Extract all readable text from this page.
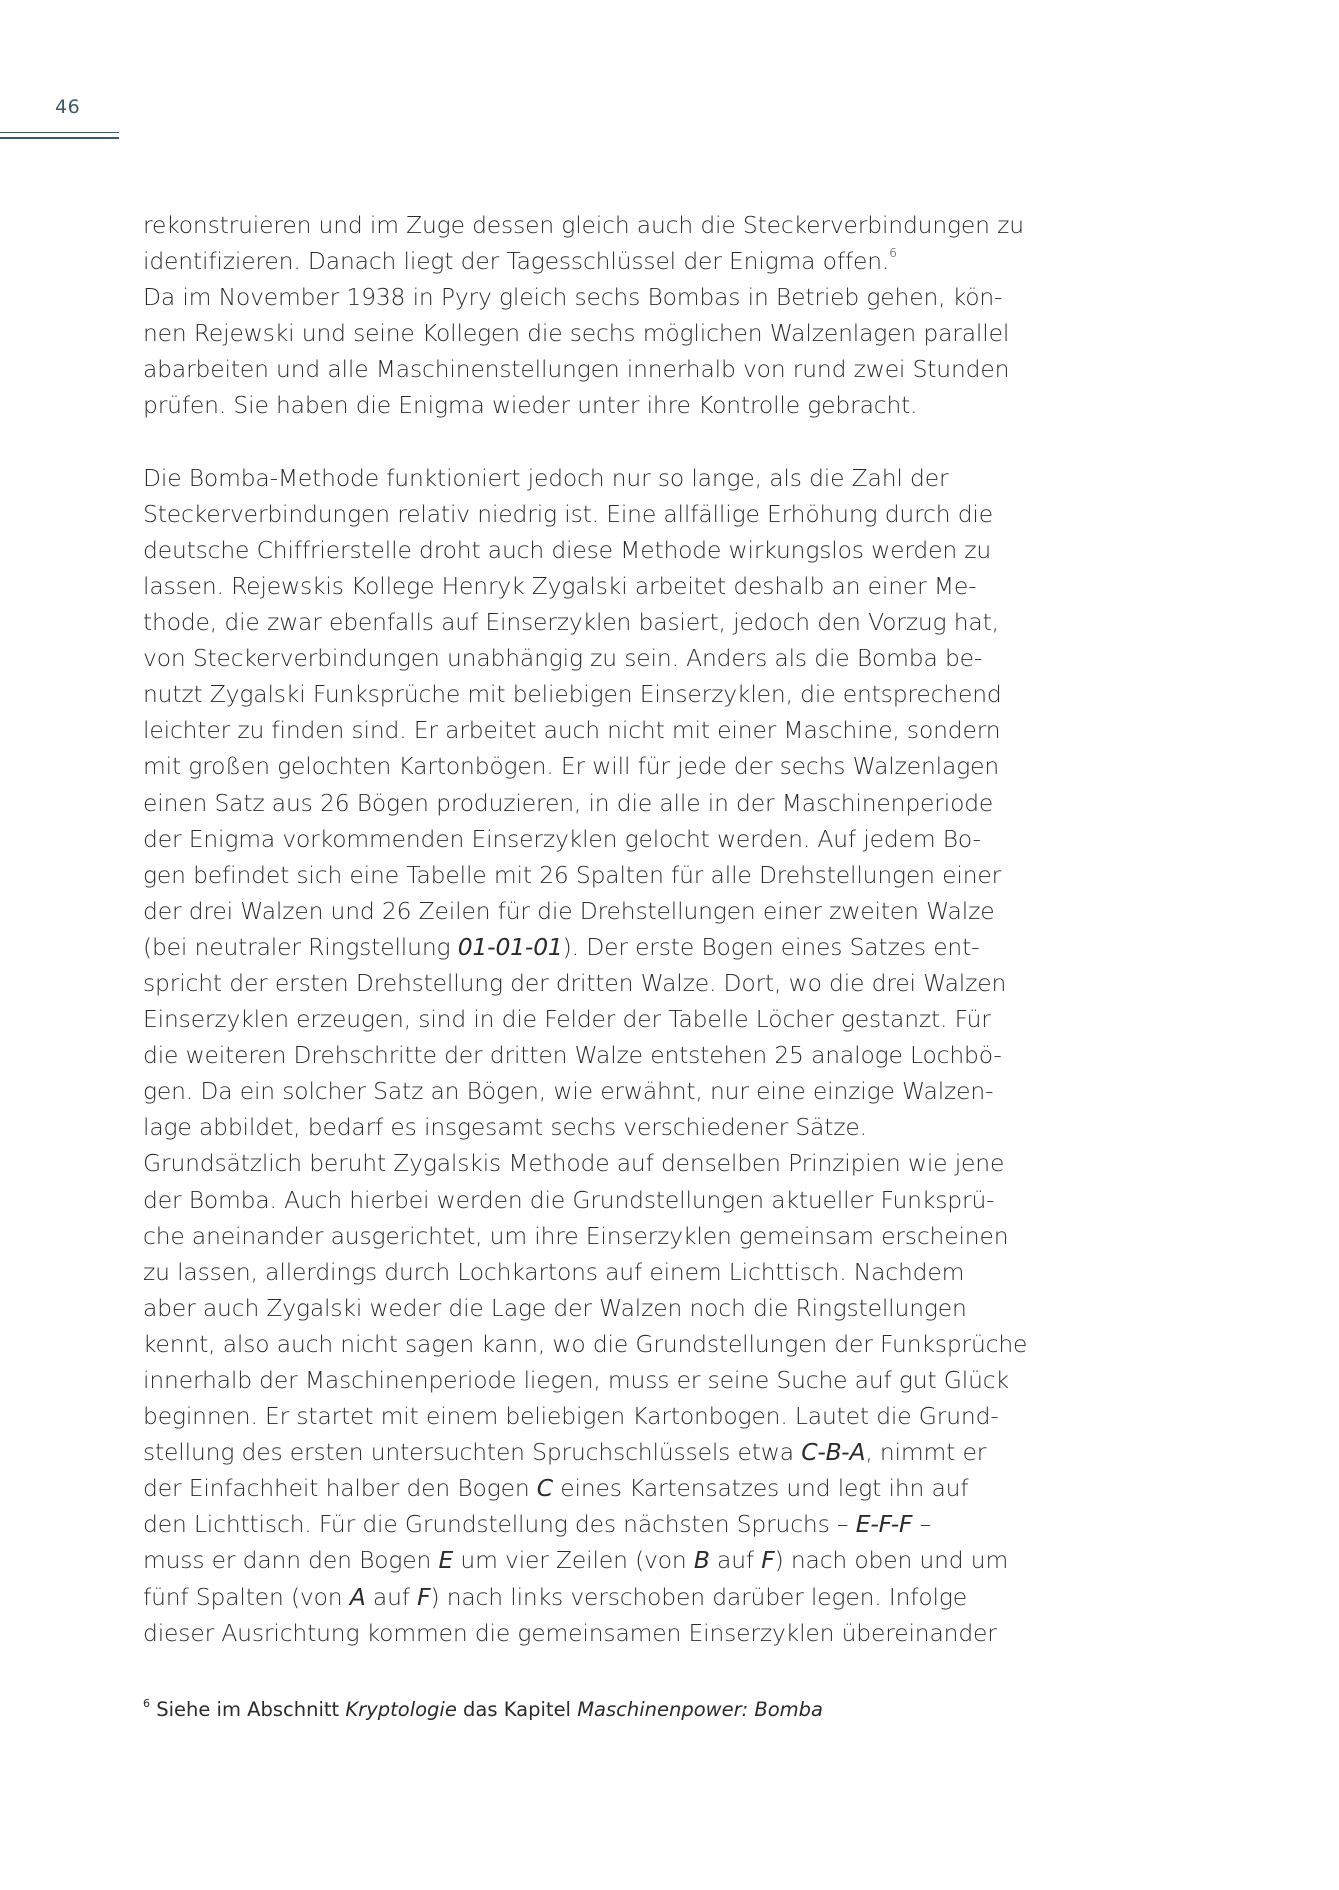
46

rekonstruieren und im Zuge dessen gleich auch die Steckerverbindungen zu

identifizieren. Danach liegt der Tagesschlüssel der Enigma offen.$^6$

Da im November 1938 in Pyry gleich sechs Bombas in Betrieb gehen, kön-

nen Rejewski und seine Kollegen die sechs möglichen Walzenlagen parallel

abarbeiten und alle Maschinenstellungen innerhalb von rund zwei Stunden

prüfen. Sie haben die Enigma wieder unter ihre Kontrolle gebracht.

Die Bomba-Methode funktioniert jedoch nur so lange, als die Zahl der

Steckerverbindungen relativ niedrig ist. Eine allfällige Erhöhung durch die

deutsche Chiffrierstelle droht auch diese Methode wirkungslos werden zu

lassen. Rejewskis Kollege Henryk Zygalski arbeitet deshalb an einer Me-

thode, die zwar ebenfalls auf Einserzyklen basiert, jedoch den Vorzug hat,

von Steckerverbindungen unabhängig zu sein. Anders als die Bomba be-

nutzt Zygalski Funksprüche mit beliebigen Einserzyklen, die entsprechend

leichter zu finden sind. Er arbeitet auch nicht mit einer Maschine, sondern

mit großen gelochten Kartonbögen. Er will für jede der sechs Walzenlagen

einen Satz aus 26 Bögen produzieren, in die alle in der Maschinenperiode

der Enigma vorkommenden Einserzyklen gelocht werden. Auf jedem Bo-

gen befindet sich eine Tabelle mit 26 Spalten für alle Drehstellungen einer

der drei Walzen und 26 Zeilen für die Drehstellungen einer zweiten Walze

(bei neutraler Ringstellung 01-01-01). Der erste Bogen eines Satzes ent-

spricht der ersten Drehstellung der dritten Walze. Dort, wo die drei Walzen

Einserzyklen erzeugen, sind in die Felder der Tabelle Löcher gestanzt. Für

die weiteren Drehschritte der dritten Walze entstehen 25 analoge Lochbö-

gen. Da ein solcher Satz an Bögen, wie erwähnt, nur eine einzige Walzen-

lage abbildet, bedarf es insgesamt sechs verschiedener Sätze.

Grundsätzlich beruht Zygalskis Methode auf denselben Prinzipien wie jene

der Bomba. Auch hierbei werden die Grundstellungen aktueller Funksprü-

che aneinander ausgerichtet, um ihre Einserzyklen gemeinsam erscheinen

zu lassen, allerdings durch Lochkartons auf einem Lichttisch. Nachdem

aber auch Zygalski weder die Lage der Walzen noch die Ringstellungen

kennt, also auch nicht sagen kann, wo die Grundstellungen der Funksprüche

innerhalb der Maschinenperiode liegen, muss er seine Suche auf gut Glück

beginnen. Er startet mit einem beliebigen Kartonbogen. Lautet die Grund-

stellung des ersten untersuchten Spruchschlüssels etwa C-B-A, nimmt er

der Einfachheit halber den Bogen C eines Kartensatzes und legt ihn auf

den Lichttisch. Für die Grundstellung des nächsten Spruchs – E-F-F –

muss er dann den Bogen E um vier Zeilen (von B auf F) nach oben und um

fünf Spalten (von A auf F) nach links verschoben darüber legen. Infolge

dieser Ausrichtung kommen die gemeinsamen Einserzyklen übereinander

$^6$ Siehe im Abschnitt Kryptologie das Kapitel Maschinenpower: Bomba
